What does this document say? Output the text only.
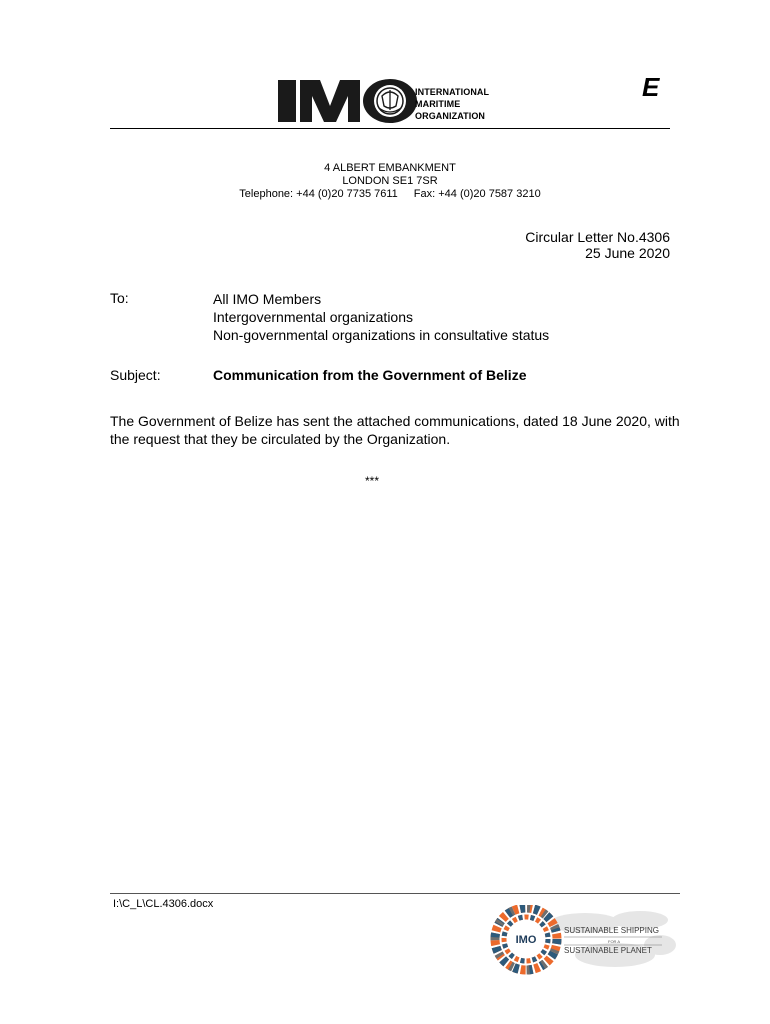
INTERNATIONAL
MARITIME
ORGANIZATION
E
4 ALBERT EMBANKMENT
LONDON SE1 7SR
Telephone: +44 (0)20 7735 7611 Fax: +44 (0)20 7587 3210
Circular Letter No.4306
25 June 2020
To:	All IMO Members
Intergovernmental organizations
Non-governmental organizations in consultative status
Subject:	Communication from the Government of Belize
The Government of Belize has sent the attached communications, dated 18 June 2020, with
the request that they be circulated by the Organization.
***
I:\C_L\CL.4306.docx
IMO
SUSTAINABLE SHIPPING
FOR A
SUSTAINABLE PLANET
